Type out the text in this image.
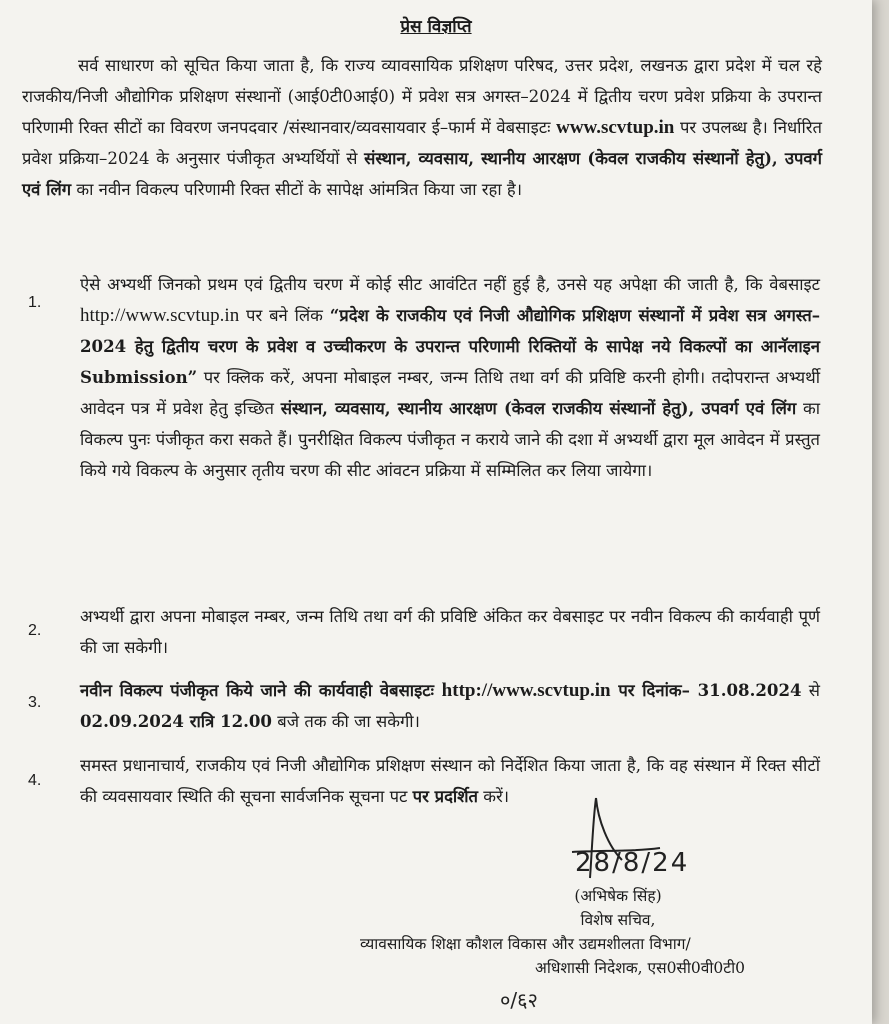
प्रेस विज्ञप्ति
सर्व साधारण को सूचित किया जाता है, कि राज्य व्यावसायिक प्रशिक्षण परिषद, उत्तर प्रदेश, लखनऊ द्वारा प्रदेश में चल रहे राजकीय/निजी औद्योगिक प्रशिक्षण संस्थानों (आई0टी0आई0) में प्रवेश सत्र अगस्त–2024 में द्वितीय चरण प्रवेश प्रक्रिया के उपरान्त परिणामी रिक्त सीटों का विवरण जनपदवार /संस्थानवार/व्यवसायवार ई–फार्म में वेबसाइटः www.scvtup.in पर उपलब्ध है। निर्धारित प्रवेश प्रक्रिया–2024 के अनुसार पंजीकृत अभ्यर्थियों से संस्थान, व्यवसाय, स्थानीय आरक्षण (केवल राजकीय संस्थानों हेतु), उपवर्ग एवं लिंग का नवीन विकल्प परिणामी रिक्त सीटों के सापेक्ष आंमत्रित किया जा रहा है।
1.
ऐसे अभ्यर्थी जिनको प्रथम एवं द्वितीय चरण में कोई सीट आवंटित नहीं हुई है, उनसे यह अपेक्षा की जाती है, कि वेबसाइट http://www.scvtup.in पर बने लिंक “प्रदेश के राजकीय एवं निजी औद्योगिक प्रशिक्षण संस्थानों में प्रवेश सत्र अगस्त–2024 हेतु द्वितीय चरण के प्रवेश व उच्चीकरण के उपरान्त परिणामी रिक्तियों के सापेक्ष नये विकल्पों का आनॅलाइन Submission” पर क्लिक करें, अपना मोबाइल नम्बर, जन्म तिथि तथा वर्ग की प्रविष्टि करनी होगी। तदोपरान्त अभ्यर्थी आवेदन पत्र में प्रवेश हेतु इच्छित संस्थान, व्यवसाय, स्थानीय आरक्षण (केवल राजकीय संस्थानों हेतु), उपवर्ग एवं लिंग का विकल्प पुनः पंजीकृत करा सकते हैं। पुनरीक्षित विकल्प पंजीकृत न कराये जाने की दशा में अभ्यर्थी द्वारा मूल आवेदन में प्रस्तुत किये गये विकल्प के अनुसार तृतीय चरण की सीट आंवटन प्रक्रिया में सम्मिलित कर लिया जायेगा।
2.
अभ्यर्थी द्वारा अपना मोबाइल नम्बर, जन्म तिथि तथा वर्ग की प्रविष्टि अंकित कर वेबसाइट पर नवीन विकल्प की कार्यवाही पूर्ण की जा सकेगी।
3.
नवीन विकल्प पंजीकृत किये जाने की कार्यवाही वेबसाइटः http://www.scvtup.in पर दिनांक– 31.08.2024 से 02.09.2024 रात्रि 12.00 बजे तक की जा सकेगी।
4.
समस्त प्रधानाचार्य, राजकीय एवं निजी औद्योगिक प्रशिक्षण संस्थान को निर्देशित किया जाता है, कि वह संस्थान में रिक्त सीटों की व्यवसायवार स्थिति की सूचना सार्वजनिक सूचना पट पर प्रदर्शित करें।
28/8/24
(अभिषेक सिंह)
विशेष सचिव,
व्यावसायिक शिक्षा कौशल विकास और उद्यमशीलता विभाग/
अधिशासी निदेशक, एस0सी0वी0टी0
०/६२
